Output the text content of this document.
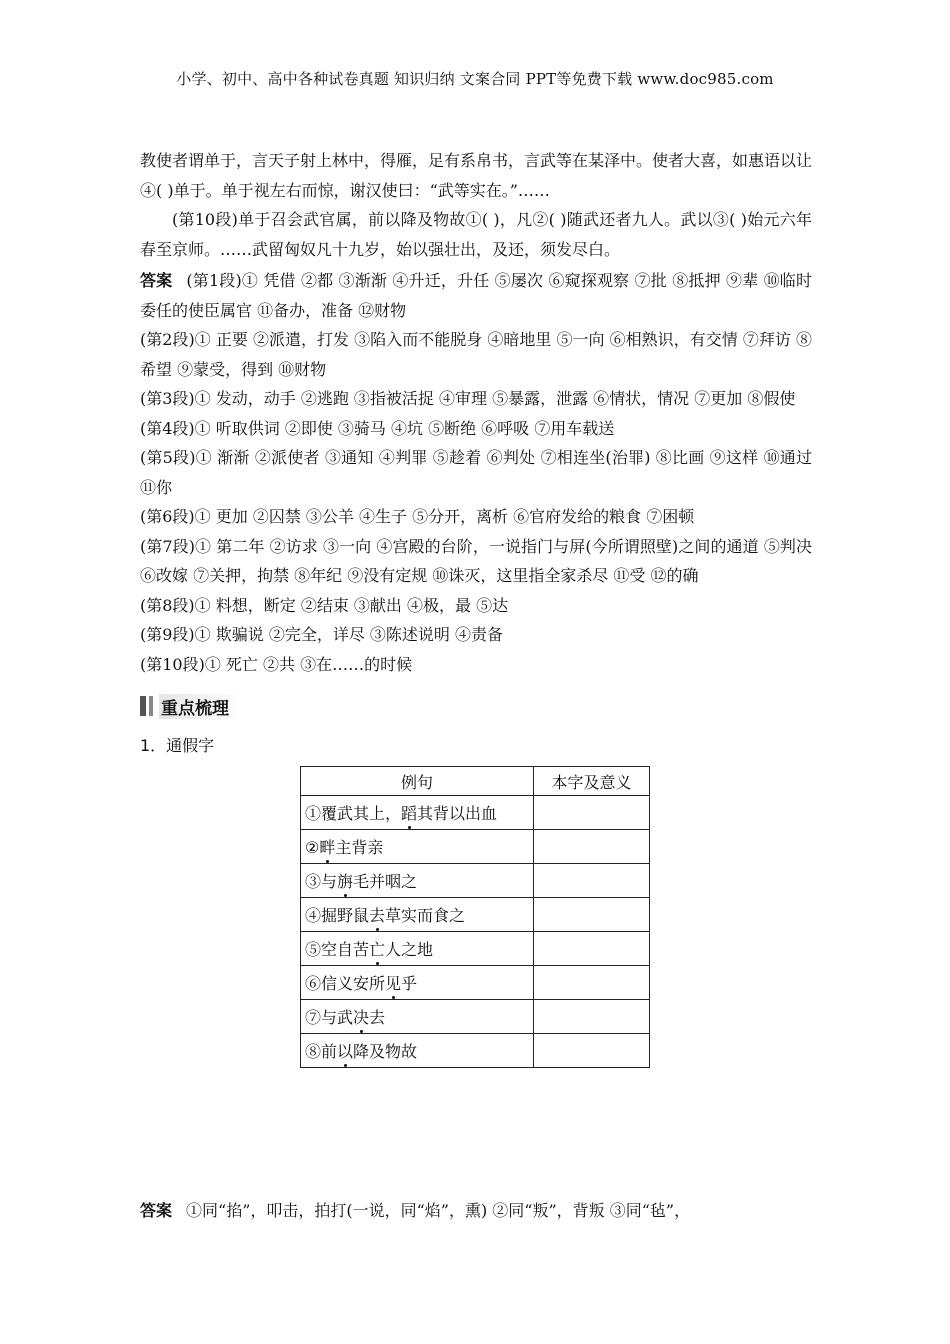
小学、初中、高中各种试卷真题 知识归纳 文案合同 PPT等免费下载 www.doc985.com

教使者谓单于，言天子射上林中，得雁，足有系帛书，言武等在某泽中。使者大喜，如惠语以让④( )单于。单于视左右而惊，谢汉使曰：“武等实在。”……

(第10段)单于召会武官属，前以降及物故①( )，凡②( )随武还者九人。武以③( )始元六年春至京师。……武留匈奴凡十九岁，始以强壮出，及还，须发尽白。

答案 (第1段)① 凭借 ②都 ③渐渐 ④升迁，升任 ⑤屡次 ⑥窥探观察 ⑦批 ⑧抵押 ⑨辈 ⑩临时委任的使臣属官 ⑪备办，准备 ⑫财物

(第2段)① 正要 ②派遣，打发 ③陷入而不能脱身 ④暗地里 ⑤一向 ⑥相熟识，有交情 ⑦拜访 ⑧希望 ⑨蒙受，得到 ⑩财物

(第3段)① 发动，动手 ②逃跑 ③指被活捉 ④审理 ⑤暴露，泄露 ⑥情状，情况 ⑦更加 ⑧假使

(第4段)① 听取供词 ②即使 ③骑马 ④坑 ⑤断绝 ⑥呼吸 ⑦用车载送

(第5段)① 渐渐 ②派使者 ③通知 ④判罪 ⑤趁着 ⑥判处 ⑦相连坐(治罪) ⑧比画 ⑨这样 ⑩通过 ⑪你

(第6段)① 更加 ②囚禁 ③公羊 ④生子 ⑤分开，离析 ⑥官府发给的粮食 ⑦困顿

(第7段)① 第二年 ②访求 ③一向 ④宫殿的台阶，一说指门与屏(今所谓照壁)之间的通道 ⑤判决 ⑥改嫁 ⑦关押，拘禁 ⑧年纪 ⑨没有定规 ⑩诛灭，这里指全家杀尽 ⑪受 ⑫的确

(第8段)① 料想，断定 ②结束 ③献出 ④极，最 ⑤达

(第9段)① 欺骗说 ②完全，详尽 ③陈述说明 ④责备

(第10段)① 死亡 ②共 ③在……的时候

重点梳理
1．通假字
例句	本字及意义
①覆武其上，蹈其背以出血	
②畔主背亲	
③与旃毛并咽之	
④掘野鼠去草实而食之	
⑤空自苦亡人之地	
⑥信义安所见乎	
⑦与武决去	
⑧前以降及物故	
答案 ①同“掐”，叩击，拍打(一说，同“焰”，熏) ②同“叛”，背叛 ③同“毡”，
